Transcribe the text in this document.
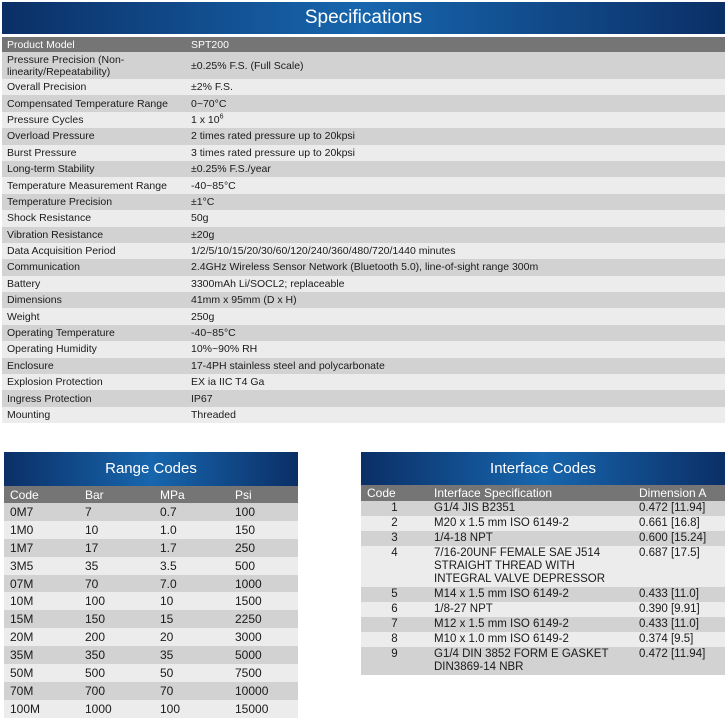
Specifications
Product Model	SPT200
Pressure Precision (Non-linearity/Repeatability)	±0.25% F.S. (Full Scale)
Overall Precision	±2% F.S.
Compensated Temperature Range	0~70°C
Pressure Cycles	1 x $10^6$
Overload Pressure	2 times rated pressure up to 20kpsi
Burst Pressure	3 times rated pressure up to 20kpsi
Long-term Stability	±0.25% F.S./year
Temperature Measurement Range	-40~85°C
Temperature Precision	±1°C
Shock Resistance	50g
Vibration Resistance	±20g
Data Acquisition Period	1/2/5/10/15/20/30/60/120/240/360/480/720/1440 minutes
Communication	2.4GHz Wireless Sensor Network (Bluetooth 5.0), line-of-sight range 300m
Battery	3300mAh Li/SOCL2; replaceable
Dimensions	41mm x 95mm (D x H)
Weight	250g
Operating Temperature	-40~85°C
Operating Humidity	10%~90% RH
Enclosure	17-4PH stainless steel and polycarbonate
Explosion Protection	EX ia IIC T4 Ga
Ingress Protection	IP67
Mounting	Threaded
Range Codes
Code	Bar	MPa	Psi
0M7	7	0.7	100
1M0	10	1.0	150
1M7	17	1.7	250
3M5	35	3.5	500
07M	70	7.0	1000
10M	100	10	1500
15M	150	15	2250
20M	200	20	3000
35M	350	35	5000
50M	500	50	7500
70M	700	70	10000
100M	1000	100	15000
Interface Codes
Code	Interface Specification	Dimension A
1	G1/4 JIS B2351	0.472 [11.94]
2	M20 x 1.5 mm ISO 6149-2	0.661 [16.8]
3	1/4-18 NPT	0.600 [15.24]
4	7/16-20UNF FEMALE SAE J514
STRAIGHT THREAD WITH
INTEGRAL VALVE DEPRESSOR	0.687 [17.5]
5	M14 x 1.5 mm ISO 6149-2	0.433 [11.0]
6	1/8-27 NPT	0.390 [9.91]
7	M12 x 1.5 mm ISO 6149-2	0.433 [11.0]
8	M10 x 1.0 mm ISO 6149-2	0.374 [9.5]
9	G1/4 DIN 3852 FORM E GASKET
DIN3869-14 NBR	0.472 [11.94]
